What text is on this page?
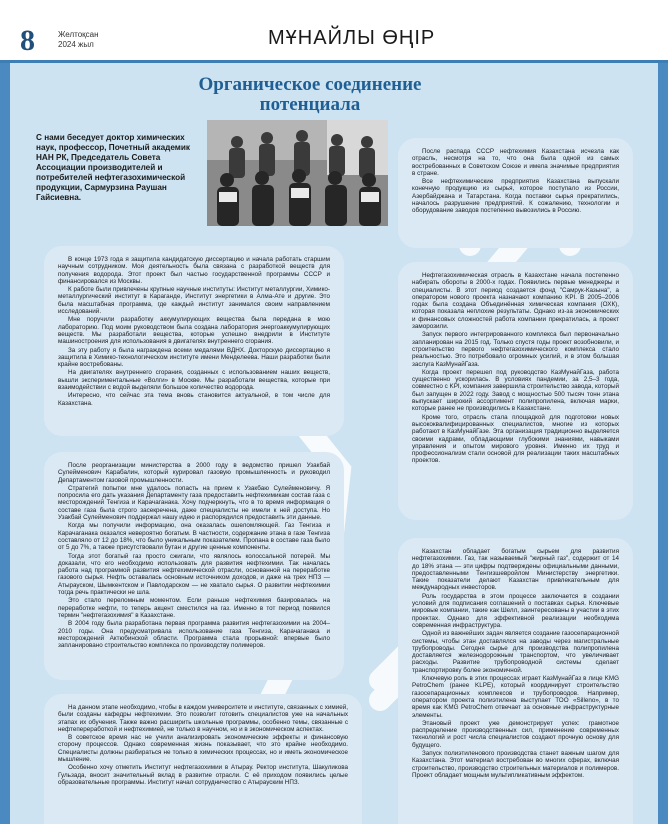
8	Желтоқсан
2024 жыл	МҰНАЙЛЫ ӨҢІР
Органическое соединение
потенциала
С нами беседует доктор химических наук, профессор, Почетный академик НАН РК, Председатель Совета Ассоциации производителей и потребителей нефтегазохимической продукции, Сармурзина Раушан Гайсиевна.

В конце 1973 года я защитила кандидатскую диссертацию и начала работать старшим научным сотрудником. Моя деятельность была связана с разработкой веществ для получения водорода. Этот проект был частью государственной программы СССР и финансировался из Москвы.

К работе были привлечены крупные научные институты: Институт металлургии, Химико-металлургический институт в Караганде, Институт энергетики в Алма-Ате и другие. Это была масштабная программа, где каждый институт занимался своим направлением исследований.

Мне поручили разработку аккумулирующих вещества была передана в мою лабораторию. Под моим руководством была создана лаборатория энергоаккумулирующих веществ. Мы разработали вещества, которые успешно внедрили в Институте машиностроения для использования в двигателях внутреннего сгорания.

За эту работу я была награждена всеми медалями ВДНХ. Докторскую диссертацию я защитила в Химико-технологическом институте имени Менделеева. Наши разработки были крайне востребованы.

На двигателях внутреннего сгорания, созданных с использованием наших веществ, вышли экспериментальные «Волги» в Москве. Мы разработали вещества, которые при взаимодействии с водой выделяли большое количество водорода.

Интересно, что сейчас эта тема вновь становится актуальной, в том числе для Казахстана.

После реорганизации министерства в 2000 году в ведомство пришел Узакбай Сулейменович Карабалин, который курировал газовую промышленность и руководил Департаментом газовой промышленности.

Стратегий попытки мне удалось попасть на прием к Узакбаю Сулейменовичу. Я попросила его дать указания Департаменту газа предоставить нефтехимикам состав газа с месторождений Тенгиза и Карачаганака. Хочу подчеркнуть, что в то время информация о составе газа была строго засекречена, даже специалисты не имели к ней доступа. Но Узакбай Сулейменович поддержал нашу идею и распорядился предоставить эти данные.

Когда мы получили информацию, она оказалась ошеломляющей. Газ Тенгиза и Карачаганака оказался невероятно богатым. В частности, содержание этана в газе Тенгиза составляло от 12 до 18%, что было уникальным показателем. Пропана в составе газа было от 5 до 7%, а также присутствовали бутан и другие ценные компоненты.

Тогда этот богатый газ просто сжигали, что являлось колоссальной потерей. Мы доказали, что его необходимо использовать для развития нефтехимии. Так началась работа над программой развития нефтехимической отрасли, основанной на переработке газового сырья. Нефть оставалась основным источником доходов, и даже на трех НПЗ — Атырауском, Шымкентском и Павлодарском — не хватало сырья. О развитии нефтехимии тогда речь практически не шла.

Это стало переломным моментом. Если раньше нефтехимия базировалась на переработке нефти, то теперь акцент сместился на газ. Именно в тот период появился термин "нефтегазохимия" в Казахстане.

В 2004 году была разработана первая программа развития нефтегазохимии на 2004–2010 годы. Она предусматривала использование газа Тенгиза, Карачаганака и месторождений Актюбинской области. Программа стала прорывной: впервые было запланировано строительство комплекса по производству полимеров.

На данном этапе необходимо, чтобы в каждом университете и институте, связанных с химией, были созданы кафедры нефтехимии. Это позволит готовить специалистов уже на начальных этапах их обучения. Также важно расширить школьные программы, особенно темы, связанные с нефтепереработкой и нефтехимией, не только в научном, но и в экономическом аспектах.

В советское время нас не учили анализировать экономические эффекты и финансовую сторону процессов. Однако современная жизнь показывает, что это крайне необходимо. Специалисты должны разбираться не только в химических процессах, но и иметь экономическое мышление.

Особенно хочу отметить Институт нефтегазохимии в Атырау. Ректор института, Шакуликова Гульзада, вносит значительный вклад в развитие отрасли. С её приходом появились целые образовательные программы. Институт начал сотрудничество с Атырауским НПЗ.

После распада СССР нефтехимия Казахстана исчезла как отрасль, несмотря на то, что она была одной из самых востребованных в Советском Союзе и имела значимые предприятия в стране.

Все нефтехимические предприятия Казахстана выпускали конечную продукцию из сырья, которое поступало из России, Азербайджана и Татарстана. Когда поставки сырья прекратились, началось разрушение предприятий. К сожалению, технологии и оборудование заводов постепенно вывозились в Россию.

Нефтегазохимическая отрасль в Казахстане начала постепенно набирать обороты в 2000-х годах. Появились первые менеджеры и специалисты. В этот период создается фонд "Самрук-Казына", а оператором нового проекта назначают компанию KPI. В 2005–2006 годах была создана Объединённая химическая компания (ОХК), которая показала неплохие результаты. Однако из-за экономических и финансовых сложностей работа компании прекратилась, а проект заморозили.

Запуск первого интегрированного комплекса был первоначально запланирован на 2015 год. Только спустя годы проект возобновили, и строительство первого нефтегазохимического комплекса стало реальностью. Это потребовало огромных усилий, и в этом большая заслуга КазМунайГаза.

Когда проект перешел под руководство КазМунайГаза, работа существенно ускорилась. В условиях пандемии, за 2,5–3 года, совместно с KPI, компания завершила строительство завода, который был запущен в 2022 году. Завод с мощностью 500 тысяч тонн этана выпускает широкий ассортимент полипропилена, включая марки, которые ранее не производились в Казахстане.

Кроме того, отрасль стала площадкой для подготовки новых высококвалифицированных специалистов, многие из которых работают в КазМунайГазе. Эта организация традиционно выделяется своими кадрами, обладающими глубокими знаниями, навыками управления и опытом мирового уровня. Именно их труд и профессионализм стали основой для реализации таких масштабных проектов.

Казахстан обладает богатым сырьем для развития нефтегазохимии. Газ, так называемый "жирный газ", содержит от 14 до 18% этана — эти цифры подтверждены официальными данными, предоставленными Тенгизшевройлом Министерству энергетики. Такие показатели делают Казахстан привлекательным для международных инвесторов.

Роль государства в этом процессе заключается в создании условий для подписания соглашений о поставках сырья. Ключевые мировые компании, такие как Шелл, заинтересованы в участии в этих проектах. Однако для эффективной реализации необходима современная инфраструктура.

Одной из важнейших задач является создание газосепарационной системы, чтобы этан доставлялся на заводы через магистральные трубопроводы. Сегодня сырье для производства полипропилена доставляется железнодорожным транспортом, что увеличивает расходы. Развитие трубопроводной системы сделает транспортировку более экономичной.

Ключевую роль в этих процессах играет КазМунайГаз в лице KMG PetroChem (ранее KLPE), который координирует строительство газосепарационных комплексов и трубопроводов. Например, оператором проекта полиэтилена выступает ТОО «Silleno», в то время как KMG PetroChem отвечает за основные инфраструктурные элементы.

Этановый проект уже демонстрирует успех: грамотное распределение производственных сил, применение современных технологий и рост числа специалистов создают прочную основу для будущего.

Запуск полиэтиленового производства станет важным шагом для Казахстана. Этот материал востребован во многих сферах, включая строительство, производство строительных материалов и полимеров. Проект обладает мощным мультипликативным эффектом.
